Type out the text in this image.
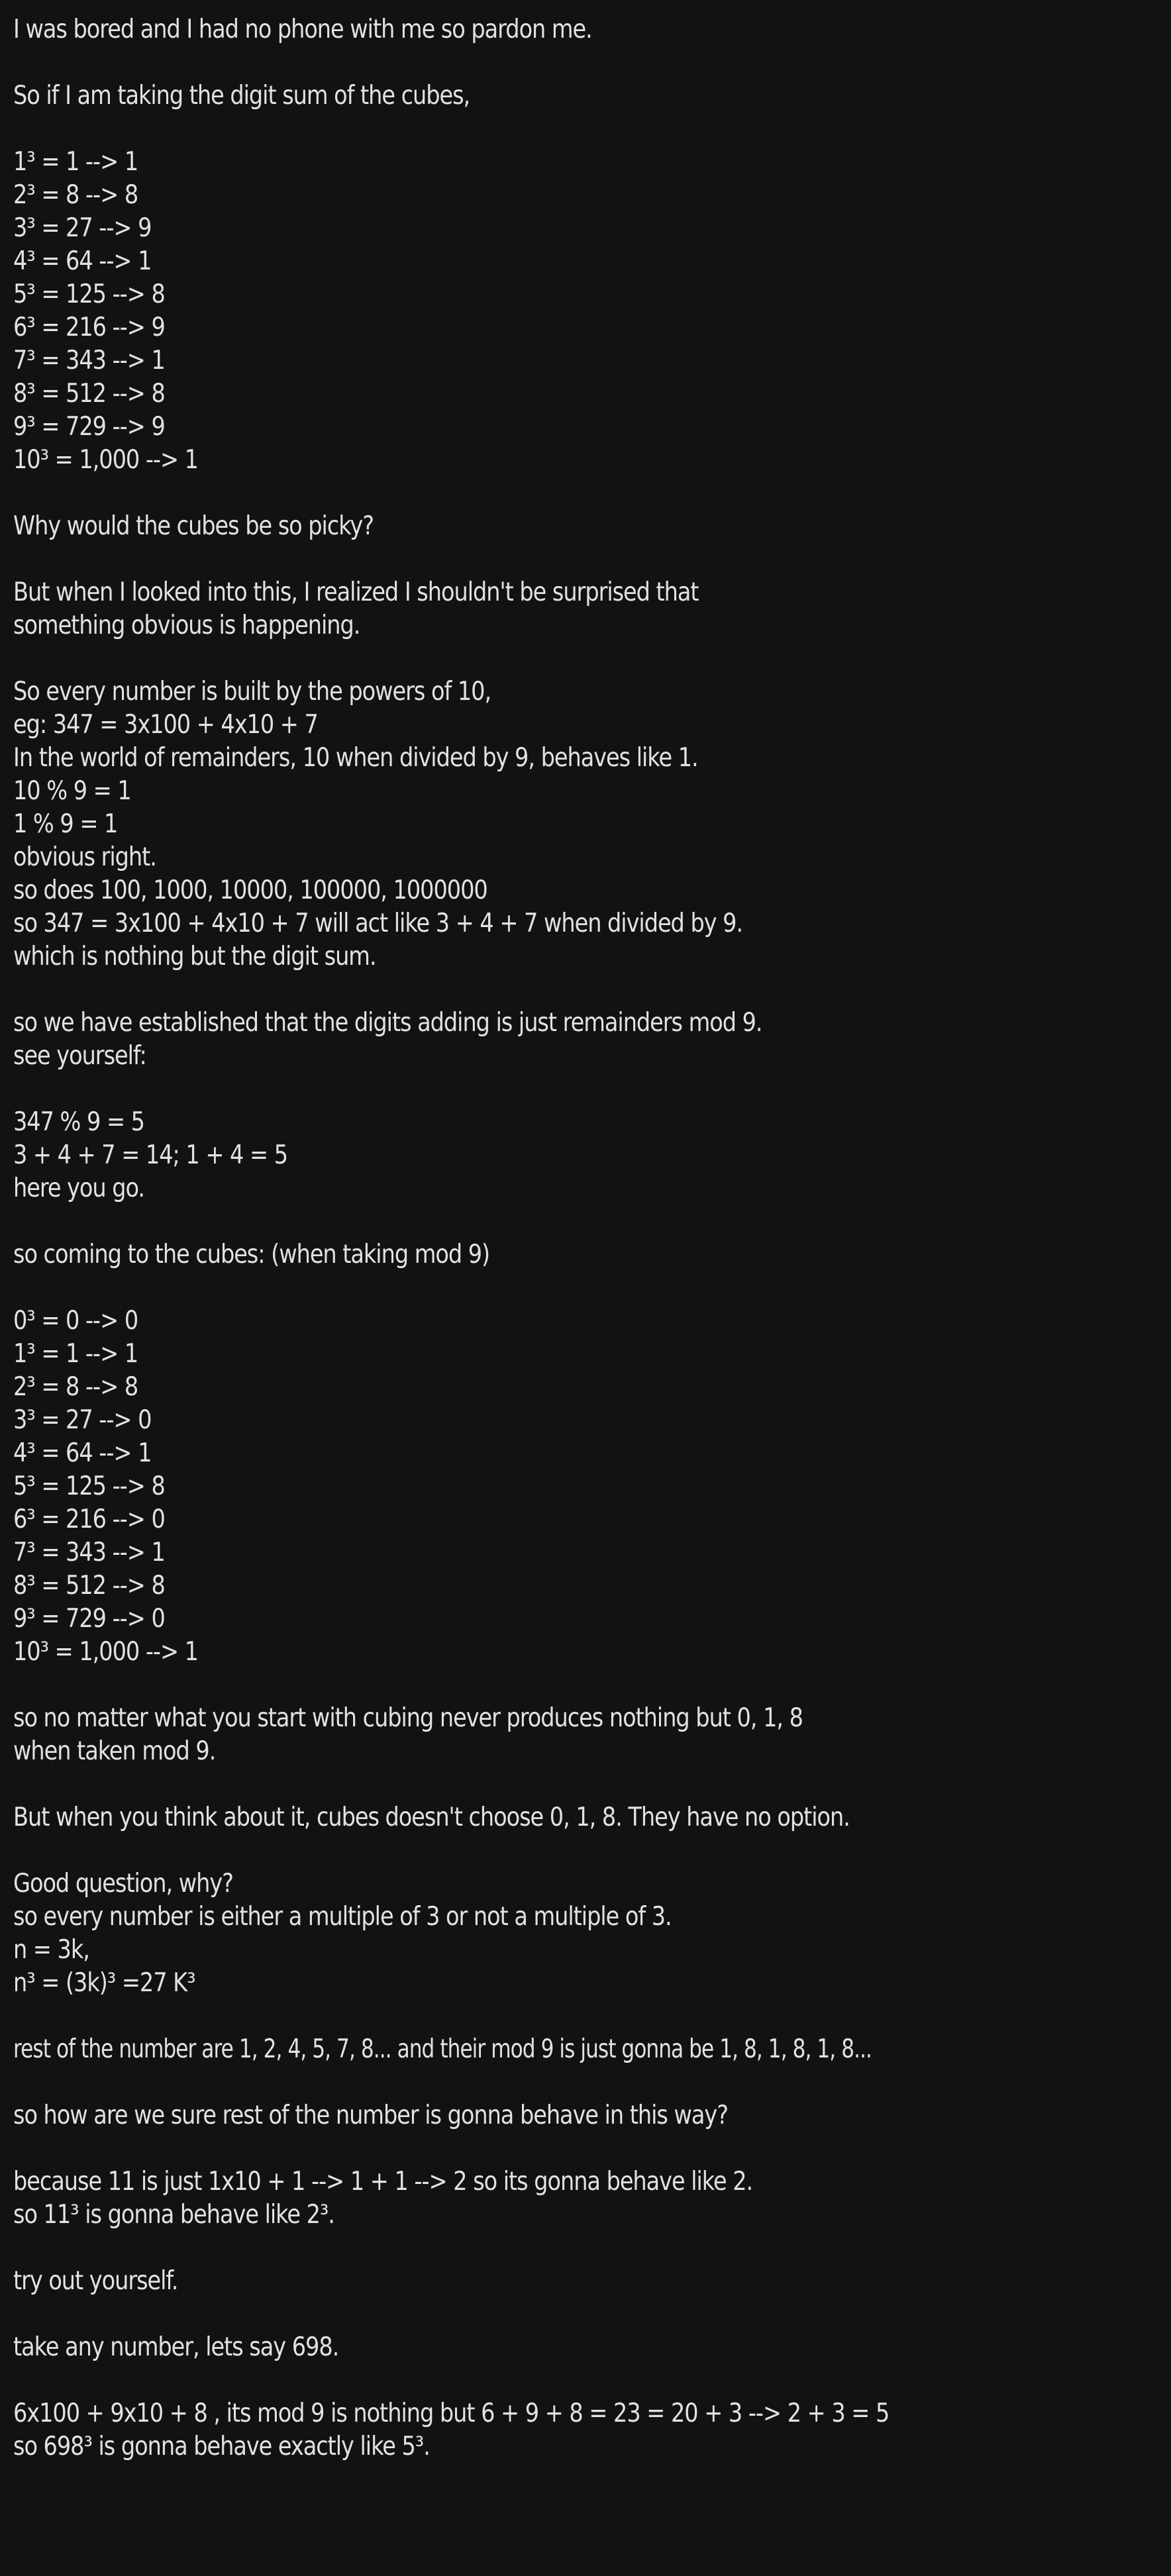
I was bored and I had no phone with me so pardon me.
So if I am taking the digit sum of the cubes,
1³ = 1 --> 1
2³ = 8 --> 8
3³ = 27 --> 9
4³ = 64 --> 1
5³ = 125 --> 8
6³ = 216 --> 9
7³ = 343 --> 1
8³ = 512 --> 8
9³ = 729 --> 9
10³ = 1,000 --> 1
Why would the cubes be so picky?
But when I looked into this, I realized I shouldn't be surprised that
something obvious is happening.
So every number is built by the powers of 10,
eg: 347 = 3x100 + 4x10 + 7
In the world of remainders, 10 when divided by 9, behaves like 1.
10 % 9 = 1
1 % 9 = 1
obvious right.
so does 100, 1000, 10000, 100000, 1000000
so 347 = 3x100 + 4x10 + 7 will act like 3 + 4 + 7 when divided by 9.
which is nothing but the digit sum.
so we have established that the digits adding is just remainders mod 9.
see yourself:
347 % 9 = 5
3 + 4 + 7 = 14; 1 + 4 = 5
here you go.
so coming to the cubes: (when taking mod 9)
0³ = 0 --> 0
1³ = 1 --> 1
2³ = 8 --> 8
3³ = 27 --> 0
4³ = 64 --> 1
5³ = 125 --> 8
6³ = 216 --> 0
7³ = 343 --> 1
8³ = 512 --> 8
9³ = 729 --> 0
10³ = 1,000 --> 1
so no matter what you start with cubing never produces nothing but 0, 1, 8
when taken mod 9.
But when you think about it, cubes doesn't choose 0, 1, 8. They have no option.
Good question, why?
so every number is either a multiple of 3 or not a multiple of 3.
n = 3k,
n³ = (3k)³ =27 K³
rest of the number are 1, 2, 4, 5, 7, 8... and their mod 9 is just gonna be 1, 8, 1, 8, 1, 8...
so how are we sure rest of the number is gonna behave in this way?
because 11 is just 1x10 + 1 --> 1 + 1 --> 2 so its gonna behave like 2.
so 11³ is gonna behave like 2³.
try out yourself.
take any number, lets say 698.
6x100 + 9x10 + 8 , its mod 9 is nothing but 6 + 9 + 8 = 23 = 20 + 3 --> 2 + 3 = 5
so 698³ is gonna behave exactly like 5³.
